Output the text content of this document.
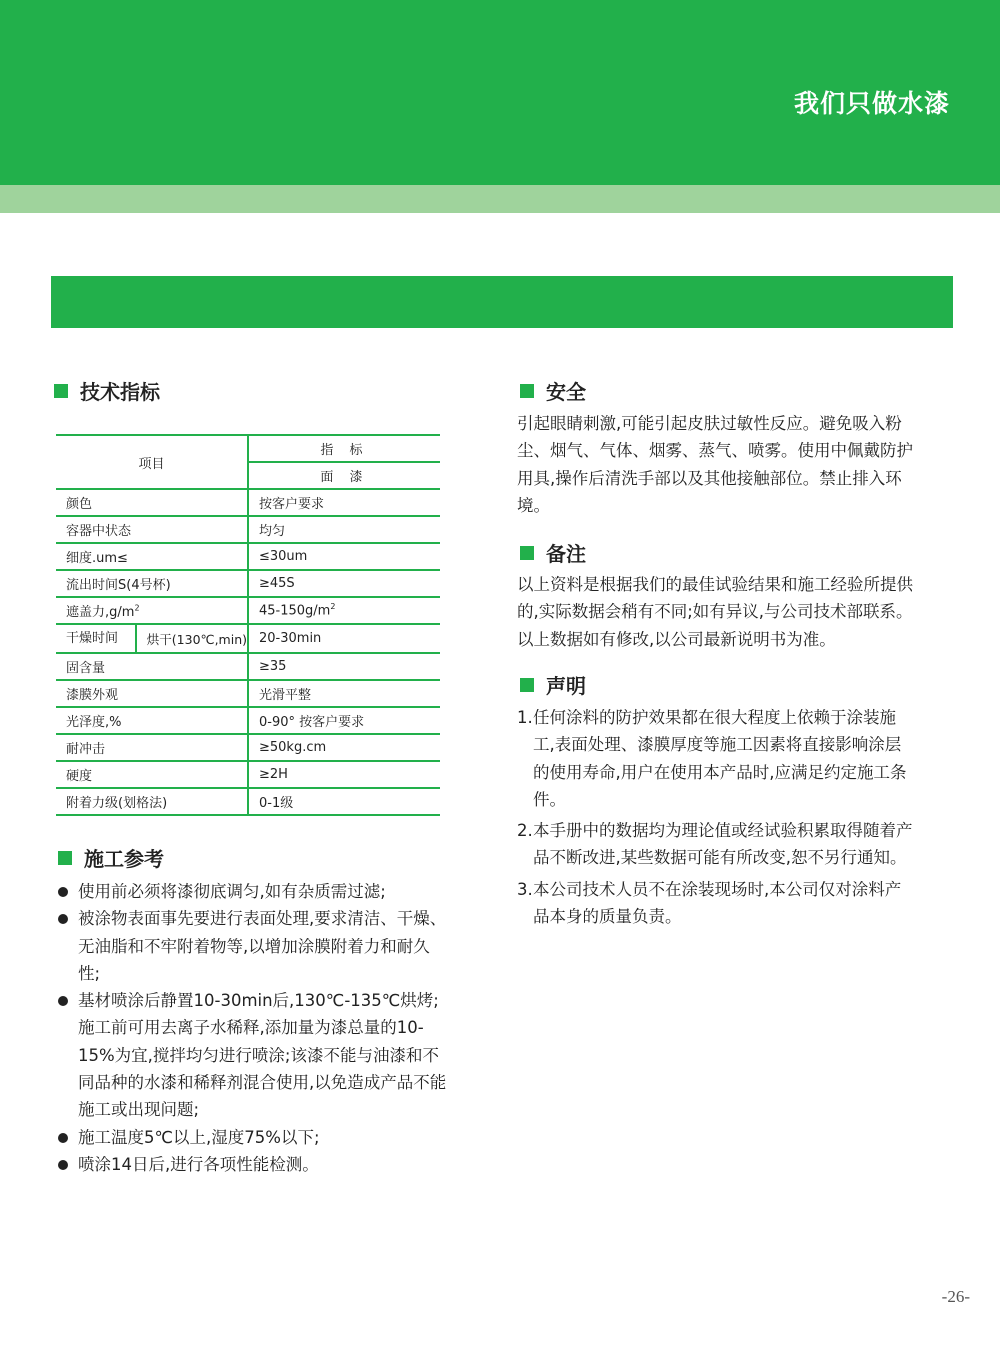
我们只做水漆
技术指标
项目	指 标
	面 漆
颜色	按客户要求
容器中状态	均匀
细度.um≤	≤30um
流出时间S(4号杯)	≥45S
遮盖力$,g/m^2$	$45-150g/m^2$

干燥时间 烘干(130℃,min)	20-30min
固含量	≥35
漆膜外观	光滑平整
光泽度,%	0-90° 按客户要求
耐冲击	≥50kg.cm
硬度	≥2H
附着力级(划格法)	0-1级
施工参考
使用前必须将漆彻底调匀,如有杂质需过滤;
被涂物表面事先要进行表面处理,要求清洁、干燥、无油脂和不牢附着物等,以增加涂膜附着力和耐久性;
基材喷涂后静置10-30min后,130℃-135℃烘烤;施工前可用去离子水稀释,添加量为漆总量的10-15%为宜,搅拌均匀进行喷涂;该漆不能与油漆和不同品种的水漆和稀释剂混合使用,以免造成产品不能施工或出现问题;
施工温度5℃以上,湿度75%以下;
喷涂14日后,进行各项性能检测。
安全
引起眼睛刺激,可能引起皮肤过敏性反应。避免吸入粉尘、烟气、气体、烟雾、蒸气、喷雾。使用中佩戴防护用具,操作后清洗手部以及其他接触部位。禁止排入环境。
备注
以上资料是根据我们的最佳试验结果和施工经验所提供的,实际数据会稍有不同;如有异议,与公司技术部联系。以上数据如有修改,以公司最新说明书为准。
声明
1. 任何涂料的防护效果都在很大程度上依赖于涂装施工,表面处理、漆膜厚度等施工因素将直接影响涂层的使用寿命,用户在使用本产品时,应满足约定施工条件。
2. 本手册中的数据均为理论值或经试验积累取得随着产品不断改进,某些数据可能有所改变,恕不另行通知。
3. 本公司技术人员不在涂装现场时,本公司仅对涂料产品本身的质量负责。
-26-
